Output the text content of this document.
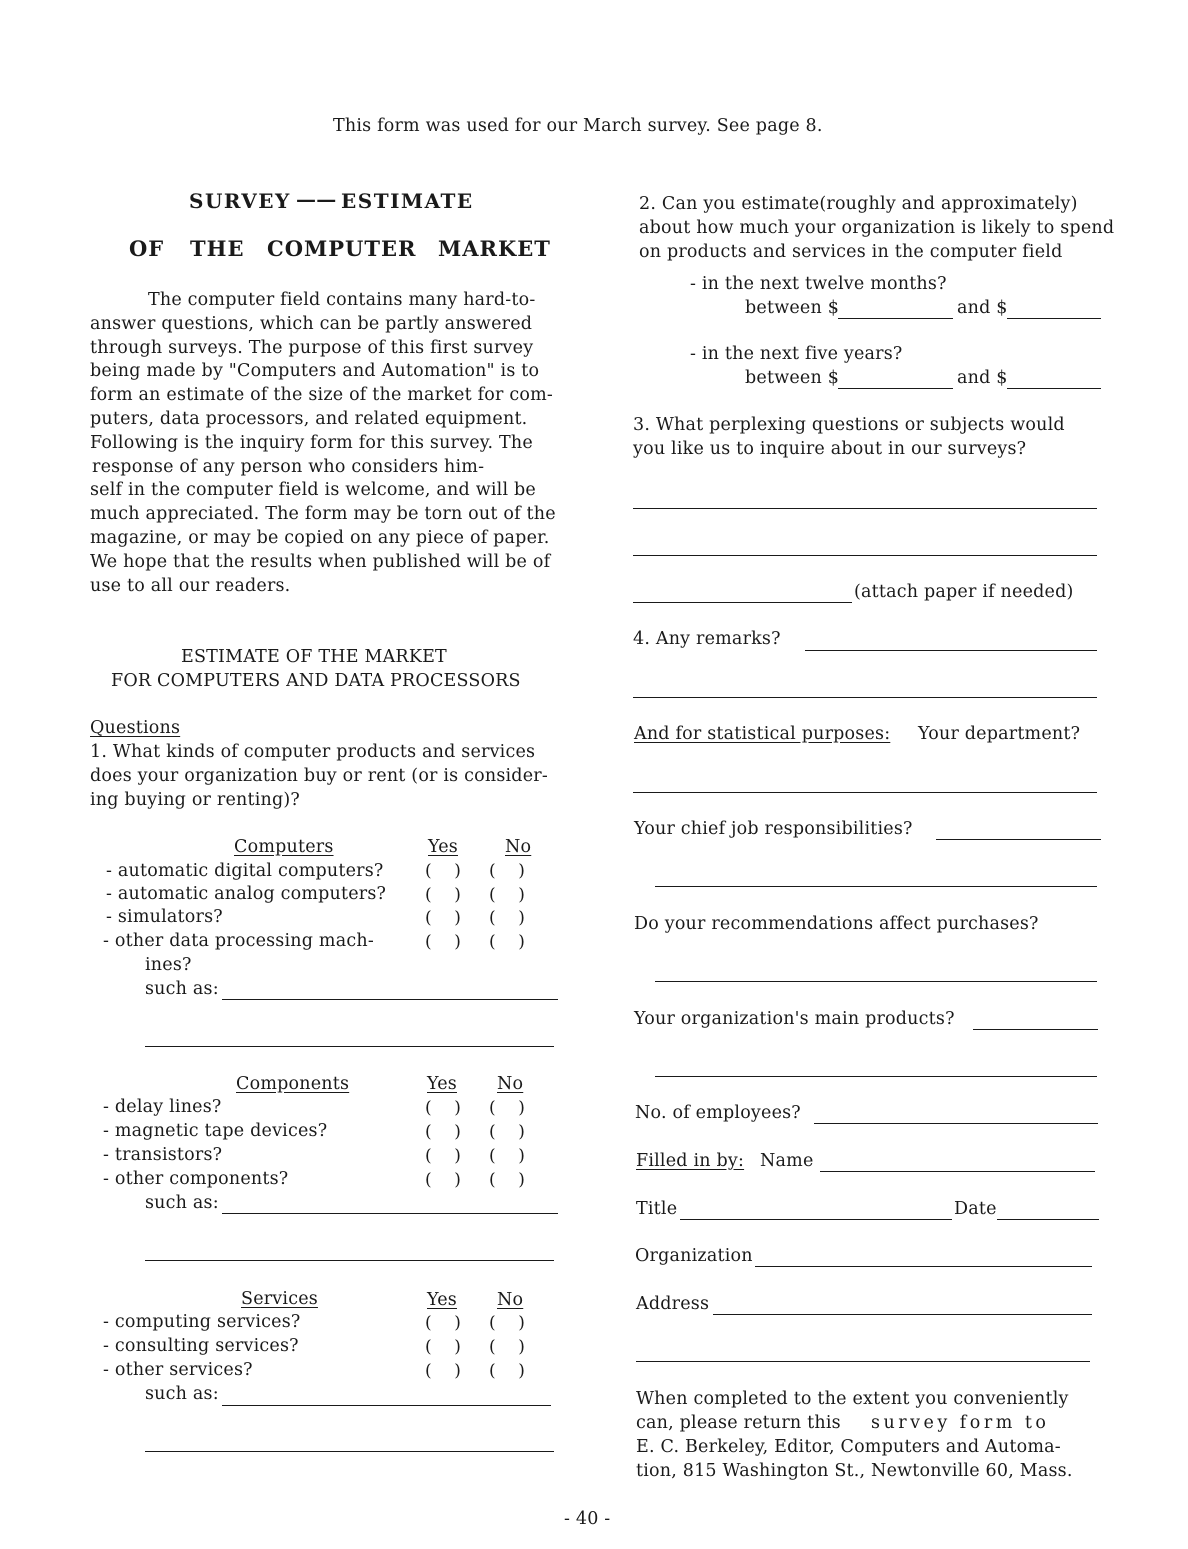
This form was used for our March survey. See page 8.
SURVEY —— ESTIMATE
OF THE COMPUTER MARKET
The computer field contains many hard-to-
answer questions, which can be partly answered
through surveys. The purpose of this first survey
being made by "Computers and Automation" is to
form an estimate of the size of the market for com-
puters, data processors, and related equipment.
Following is the inquiry form for this survey. The
response of any person who considers him-
self in the computer field is welcome, and will be
much appreciated. The form may be torn out of the
magazine, or may be copied on any piece of paper.
We hope that the results when published will be of
use to all our readers.
ESTIMATE OF THE MARKET
FOR COMPUTERS AND DATA PROCESSORS
Questions
1. What kinds of computer products and services
does your organization buy or rent (or is consider-
ing buying or renting)?
Computers	Yes	No
- automatic digital computers? (    ) (    )
- automatic analog computers? (    ) (    )
- simulators?	(    ) (    )
- other data processing mach-	(    ) (    )
ines?
such as:
Components	Yes No
- delay lines?	(    ) (    )
- magnetic tape devices?	(    ) (    )
- transistors?	(    ) (    )
- other components?	(    ) (    )
such as:
Services	Yes No
- computing services?	(    ) (    )
- consulting services?	(    ) (    )
- other services?	(    ) (    )
such as:
2. Can you estimate(roughly and approximately)
about how much your organization is likely to spend
on products and services in the computer field
- in the next twelve months?
between $	and $
- in the next five years?
between $	and $
3. What perplexing questions or subjects would
you like us to inquire about in our surveys?
(attach paper if needed)
4. Any remarks?
And for statistical purposes: Your department?
Your chief job responsibilities?
Do your recommendations affect purchases?
Your organization's main products?
No. of employees?
Filled in by: Name
Title	Date
Organization
Address
When completed to the extent you conveniently
can, please return this survey form to
E. C. Berkeley, Editor, Computers and Automa-
tion, 815 Washington St., Newtonville 60, Mass.
- 40 -
